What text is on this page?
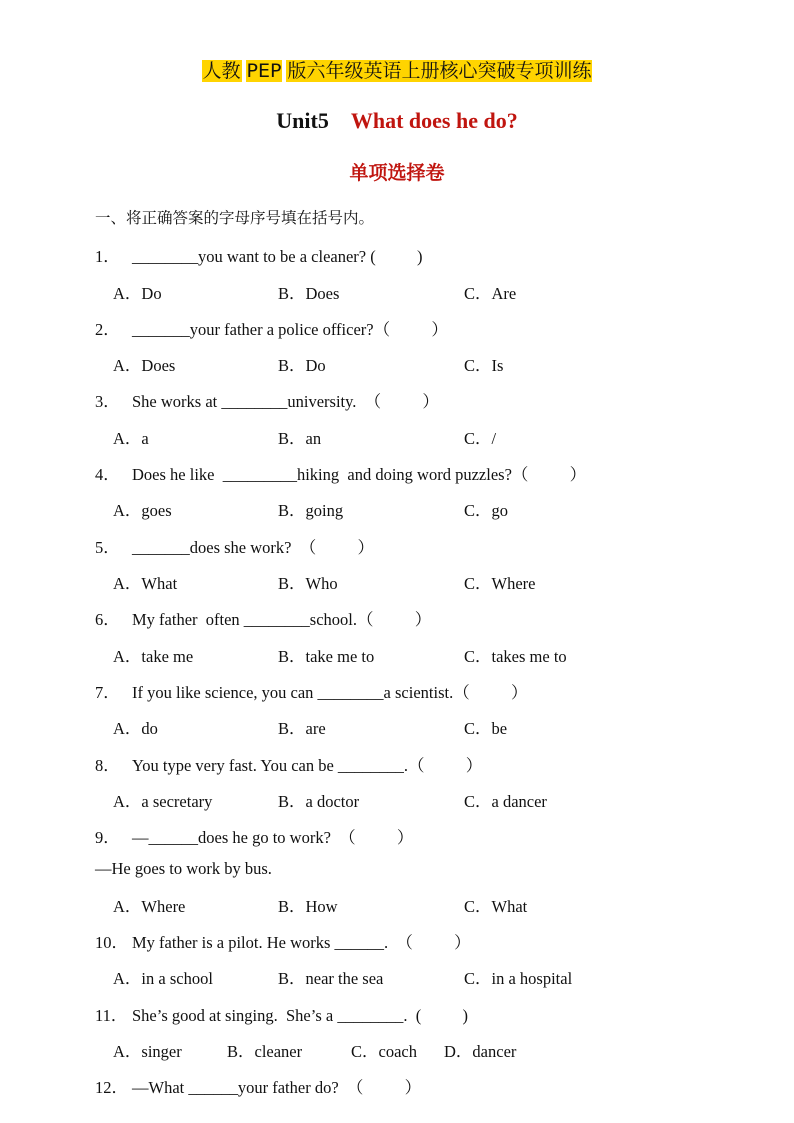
人教 PEP 版六年级英语上册核心突破专项训练
Unit5 What does he do?
单项选择卷
一、将正确答案的字母序号填在括号内。
1． ________you want to be a cleaner? (          )
A．Do	B．Does	C．Are
2． _______your father a police officer?（          ）
A．Does	B．Do	C．Is
3． She works at ________university.  （          ）
A．a	B．an	C．/
4． Does he like  _________hiking  and doing word puzzles?（          ）
A．goes	B．going	C．go
5． _______does she work?  （          ）
A．What	B．Who	C．Where
6． My father  often ________school.（          ）
A．take me	B．take me to	C．takes me to
7． If you like science, you can ________a scientist.（          ）
A．do	B．are	C．be
8． You type very fast. You can be ________.（          ）
A．a secretary	B．a doctor	C．a dancer
9． —______does he go to work?  （          ）
—He goes to work by bus.
A．Where	B．How	C．What
10． My father is a pilot. He works ______.  （          ）
A．in a school	B．near the sea	C．in a hospital
11． She’s good at singing.  She’s a ________.  (          )
A．singer	B．cleaner	C．coach D．dancer
12． —What ______your father do?  （          ）
